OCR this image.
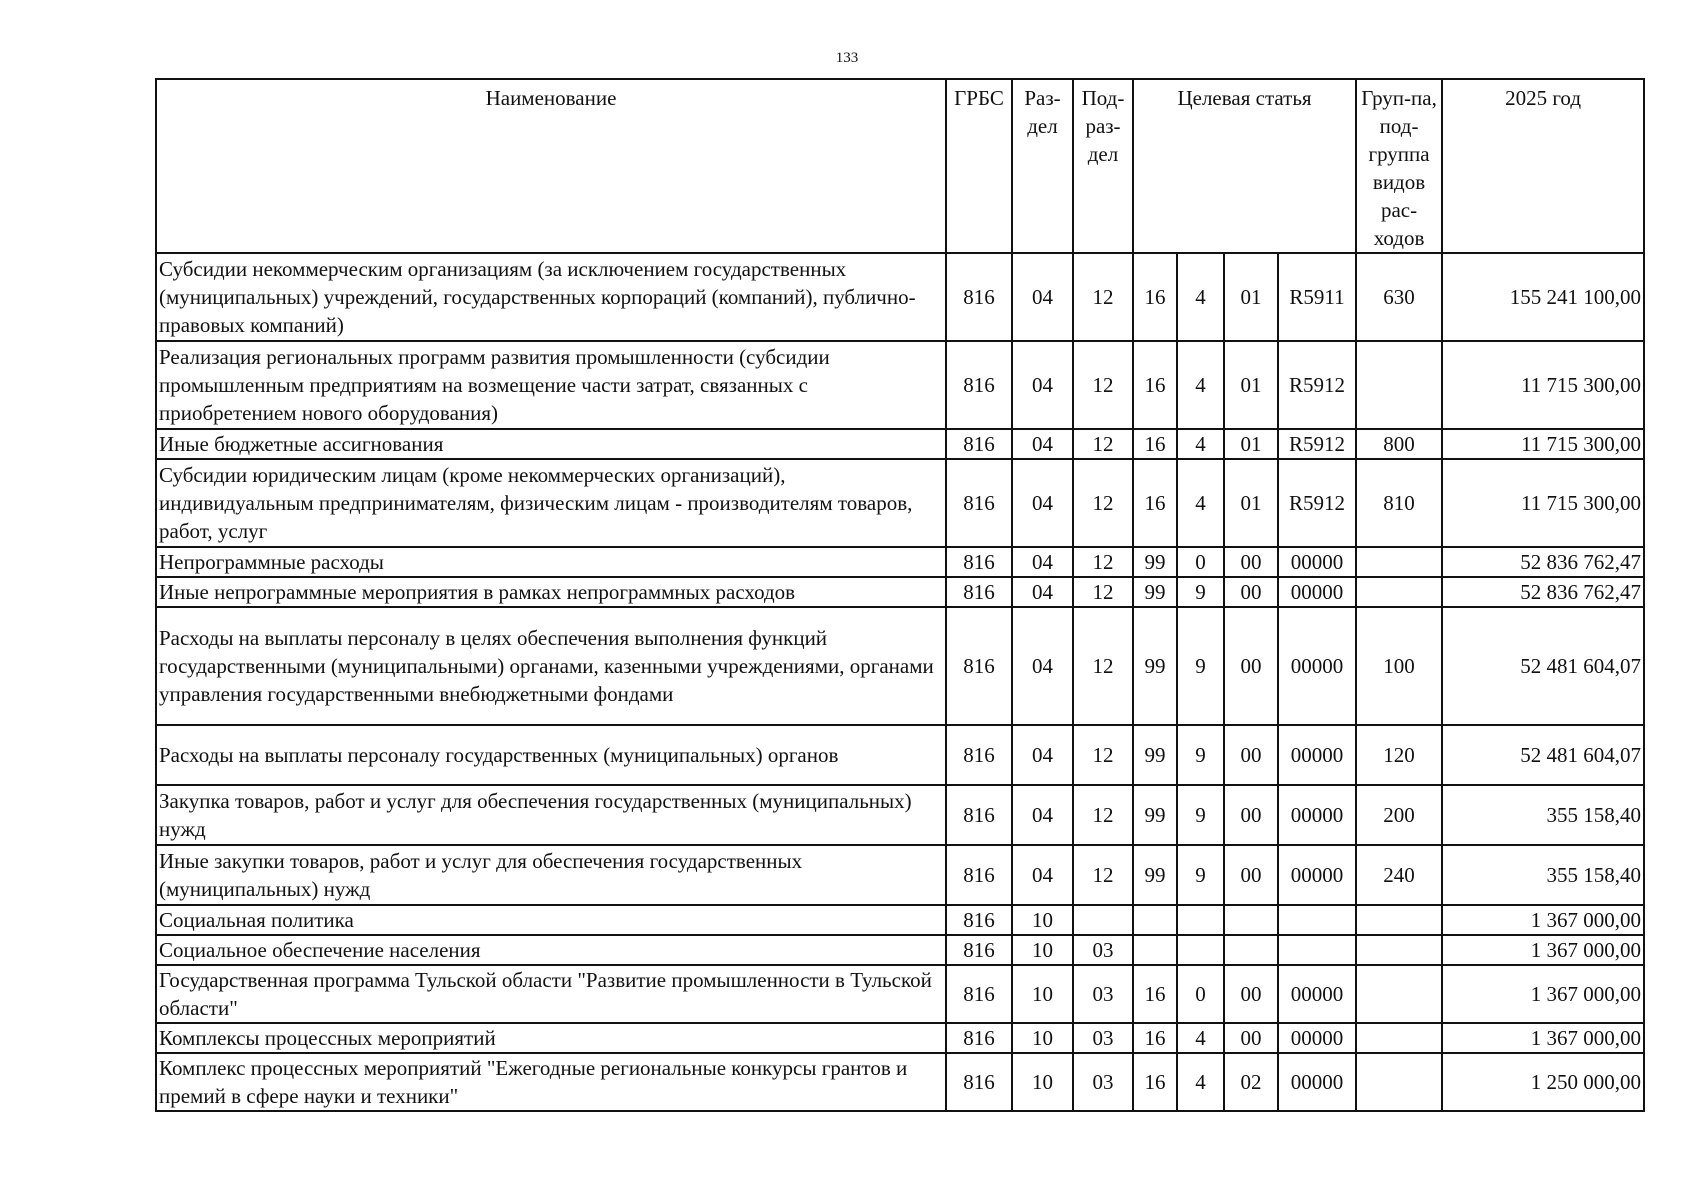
133
Наименование	ГРБС	Раз-дел	Под-раз-дел	Целевая статья				Груп-па, под-группа видов рас-ходов	2025 год
Субсидии некоммерческим организациям (за исключением государственных (муниципальных) учреждений, государственных корпораций (компаний), публично-правовых компаний)	816	04	12	16	4	01	R5911	630	155 241 100,00
Реализация региональных программ развития промышленности (субсидии промышленным предприятиям на возмещение части затрат, связанных с приобретением нового оборудования)	816	04	12	16	4	01	R5912		11 715 300,00
Иные бюджетные ассигнования	816	04	12	16	4	01	R5912	800	11 715 300,00
Субсидии юридическим лицам (кроме некоммерческих организаций), индивидуальным предпринимателям, физическим лицам - производителям товаров, работ, услуг	816	04	12	16	4	01	R5912	810	11 715 300,00
Непрограммные расходы	816	04	12	99	0	00	00000		52 836 762,47
Иные непрограммные мероприятия в рамках непрограммных расходов	816	04	12	99	9	00	00000		52 836 762,47
Расходы на выплаты персоналу в целях обеспечения выполнения функций государственными (муниципальными) органами, казенными учреждениями, органами управления государственными внебюджетными фондами	816	04	12	99	9	00	00000	100	52 481 604,07
Расходы на выплаты персоналу государственных (муниципальных) органов	816	04	12	99	9	00	00000	120	52 481 604,07
Закупка товаров, работ и услуг для обеспечения государственных (муниципальных) нужд	816	04	12	99	9	00	00000	200	355 158,40
Иные закупки товаров, работ и услуг для обеспечения государственных (муниципальных) нужд	816	04	12	99	9	00	00000	240	355 158,40
Социальная политика	816	10							1 367 000,00
Социальное обеспечение населения	816	10	03						1 367 000,00
Государственная программа Тульской области "Развитие промышленности в Тульской области"	816	10	03	16	0	00	00000		1 367 000,00
Комплексы процессных мероприятий	816	10	03	16	4	00	00000		1 367 000,00
Комплекс процессных мероприятий "Ежегодные региональные конкурсы грантов и премий в сфере науки и техники"	816	10	03	16	4	02	00000		1 250 000,00
